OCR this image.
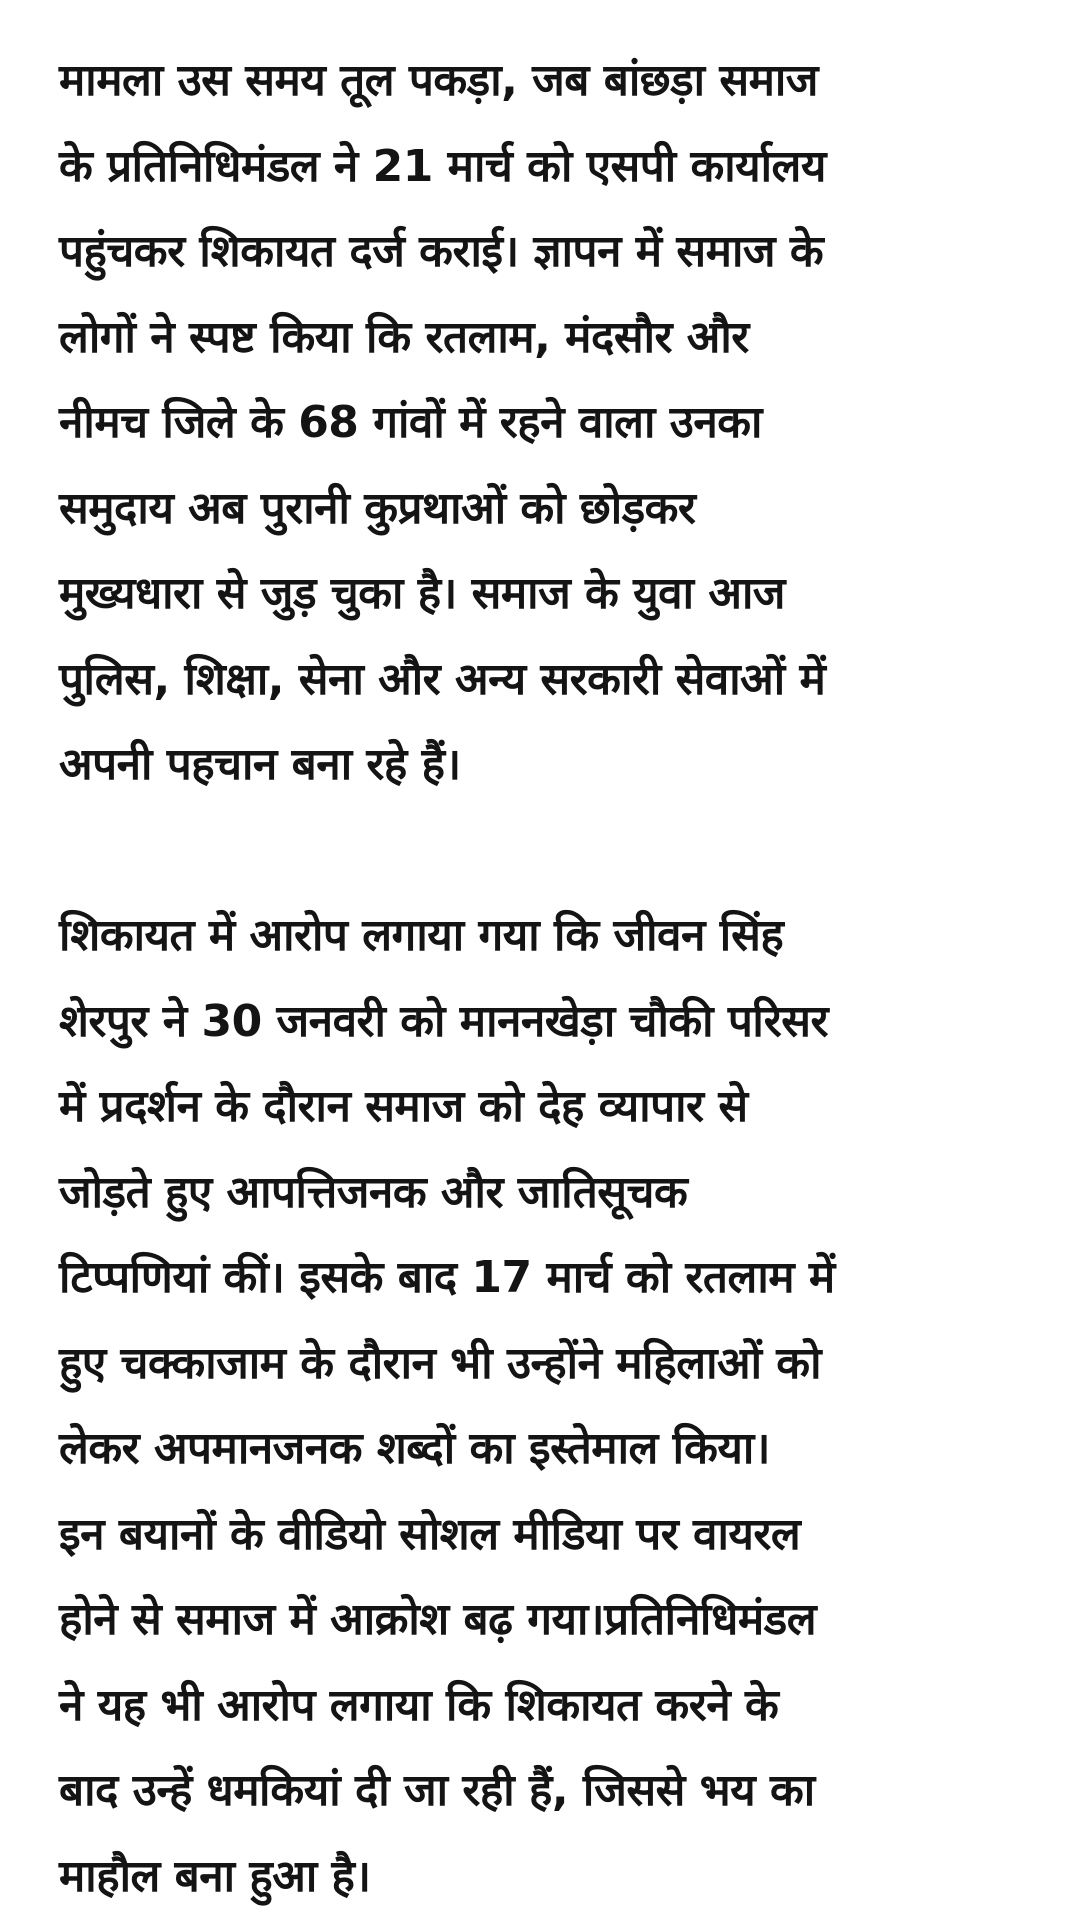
मामला उस समय तूल पकड़ा, जब बांछड़ा समाज
के प्रतिनिधिमंडल ने 21 मार्च को एसपी कार्यालय
पहुंचकर शिकायत दर्ज कराई। ज्ञापन में समाज के
लोगों ने स्पष्ट किया कि रतलाम, मंदसौर और
नीमच जिले के 68 गांवों में रहने वाला उनका
समुदाय अब पुरानी कुप्रथाओं को छोड़कर
मुख्यधारा से जुड़ चुका है। समाज के युवा आज
पुलिस, शिक्षा, सेना और अन्य सरकारी सेवाओं में
अपनी पहचान बना रहे हैं।

शिकायत में आरोप लगाया गया कि जीवन सिंह
शेरपुर ने 30 जनवरी को माननखेड़ा चौकी परिसर
में प्रदर्शन के दौरान समाज को देह व्यापार से
जोड़ते हुए आपत्तिजनक और जातिसूचक
टिप्पणियां कीं। इसके बाद 17 मार्च को रतलाम में
हुए चक्काजाम के दौरान भी उन्होंने महिलाओं को
लेकर अपमानजनक शब्दों का इस्तेमाल किया।
इन बयानों के वीडियो सोशल मीडिया पर वायरल
होने से समाज में आक्रोश बढ़ गया।प्रतिनिधिमंडल
ने यह भी आरोप लगाया कि शिकायत करने के
बाद उन्हें धमकियां दी जा रही हैं, जिससे भय का
माहौल बना हुआ है।
